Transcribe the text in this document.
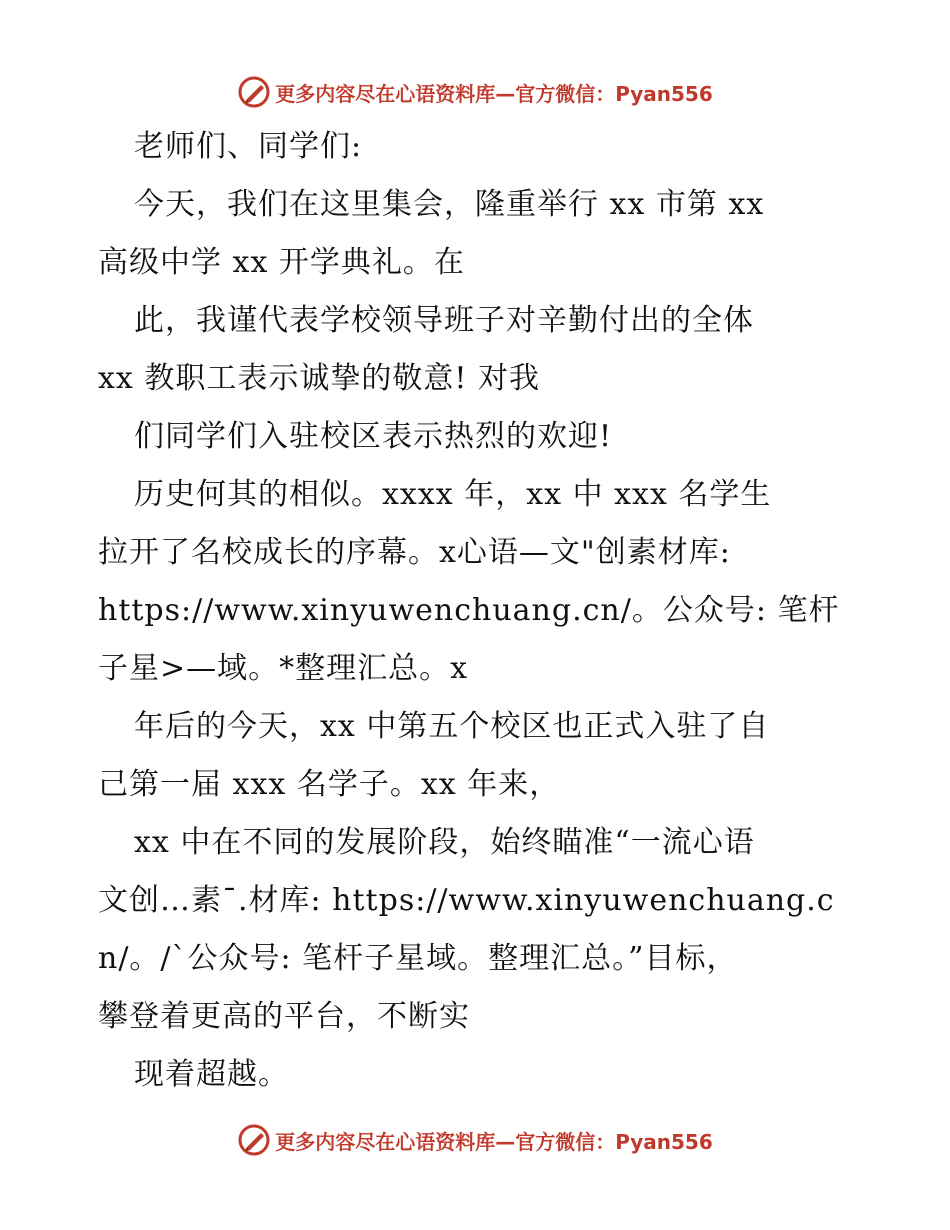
更多内容尽在心语资料库—官方微信：Pyan556
老师们、同学们:
今天，我们在这里集会，隆重举行 xx 市第 xx
高级中学 xx 开学典礼。在
此，我谨代表学校领导班子对辛勤付出的全体
xx 教职工表示诚挚的敬意! 对我
们同学们入驻校区表示热烈的欢迎!
历史何其的相似。xxxx 年，xx 中 xxx 名学生
拉开了名校成长的序幕。x心语—文"创素材库:
https://www.xinyuwenchuang.cn/。公众号: 笔杆
子星>—域。*整理汇总。x
年后的今天，xx 中第五个校区也正式入驻了自
己第一届 xxx 名学子。xx 年来，
xx 中在不同的发展阶段，始终瞄准“一流心语
文创…素¯.材库: https://www.xinyuwenchuang.c
n/。/`公众号: 笔杆子星域。整理汇总。”目标，
攀登着更高的平台，不断实
现着超越。
更多内容尽在心语资料库—官方微信：Pyan556
